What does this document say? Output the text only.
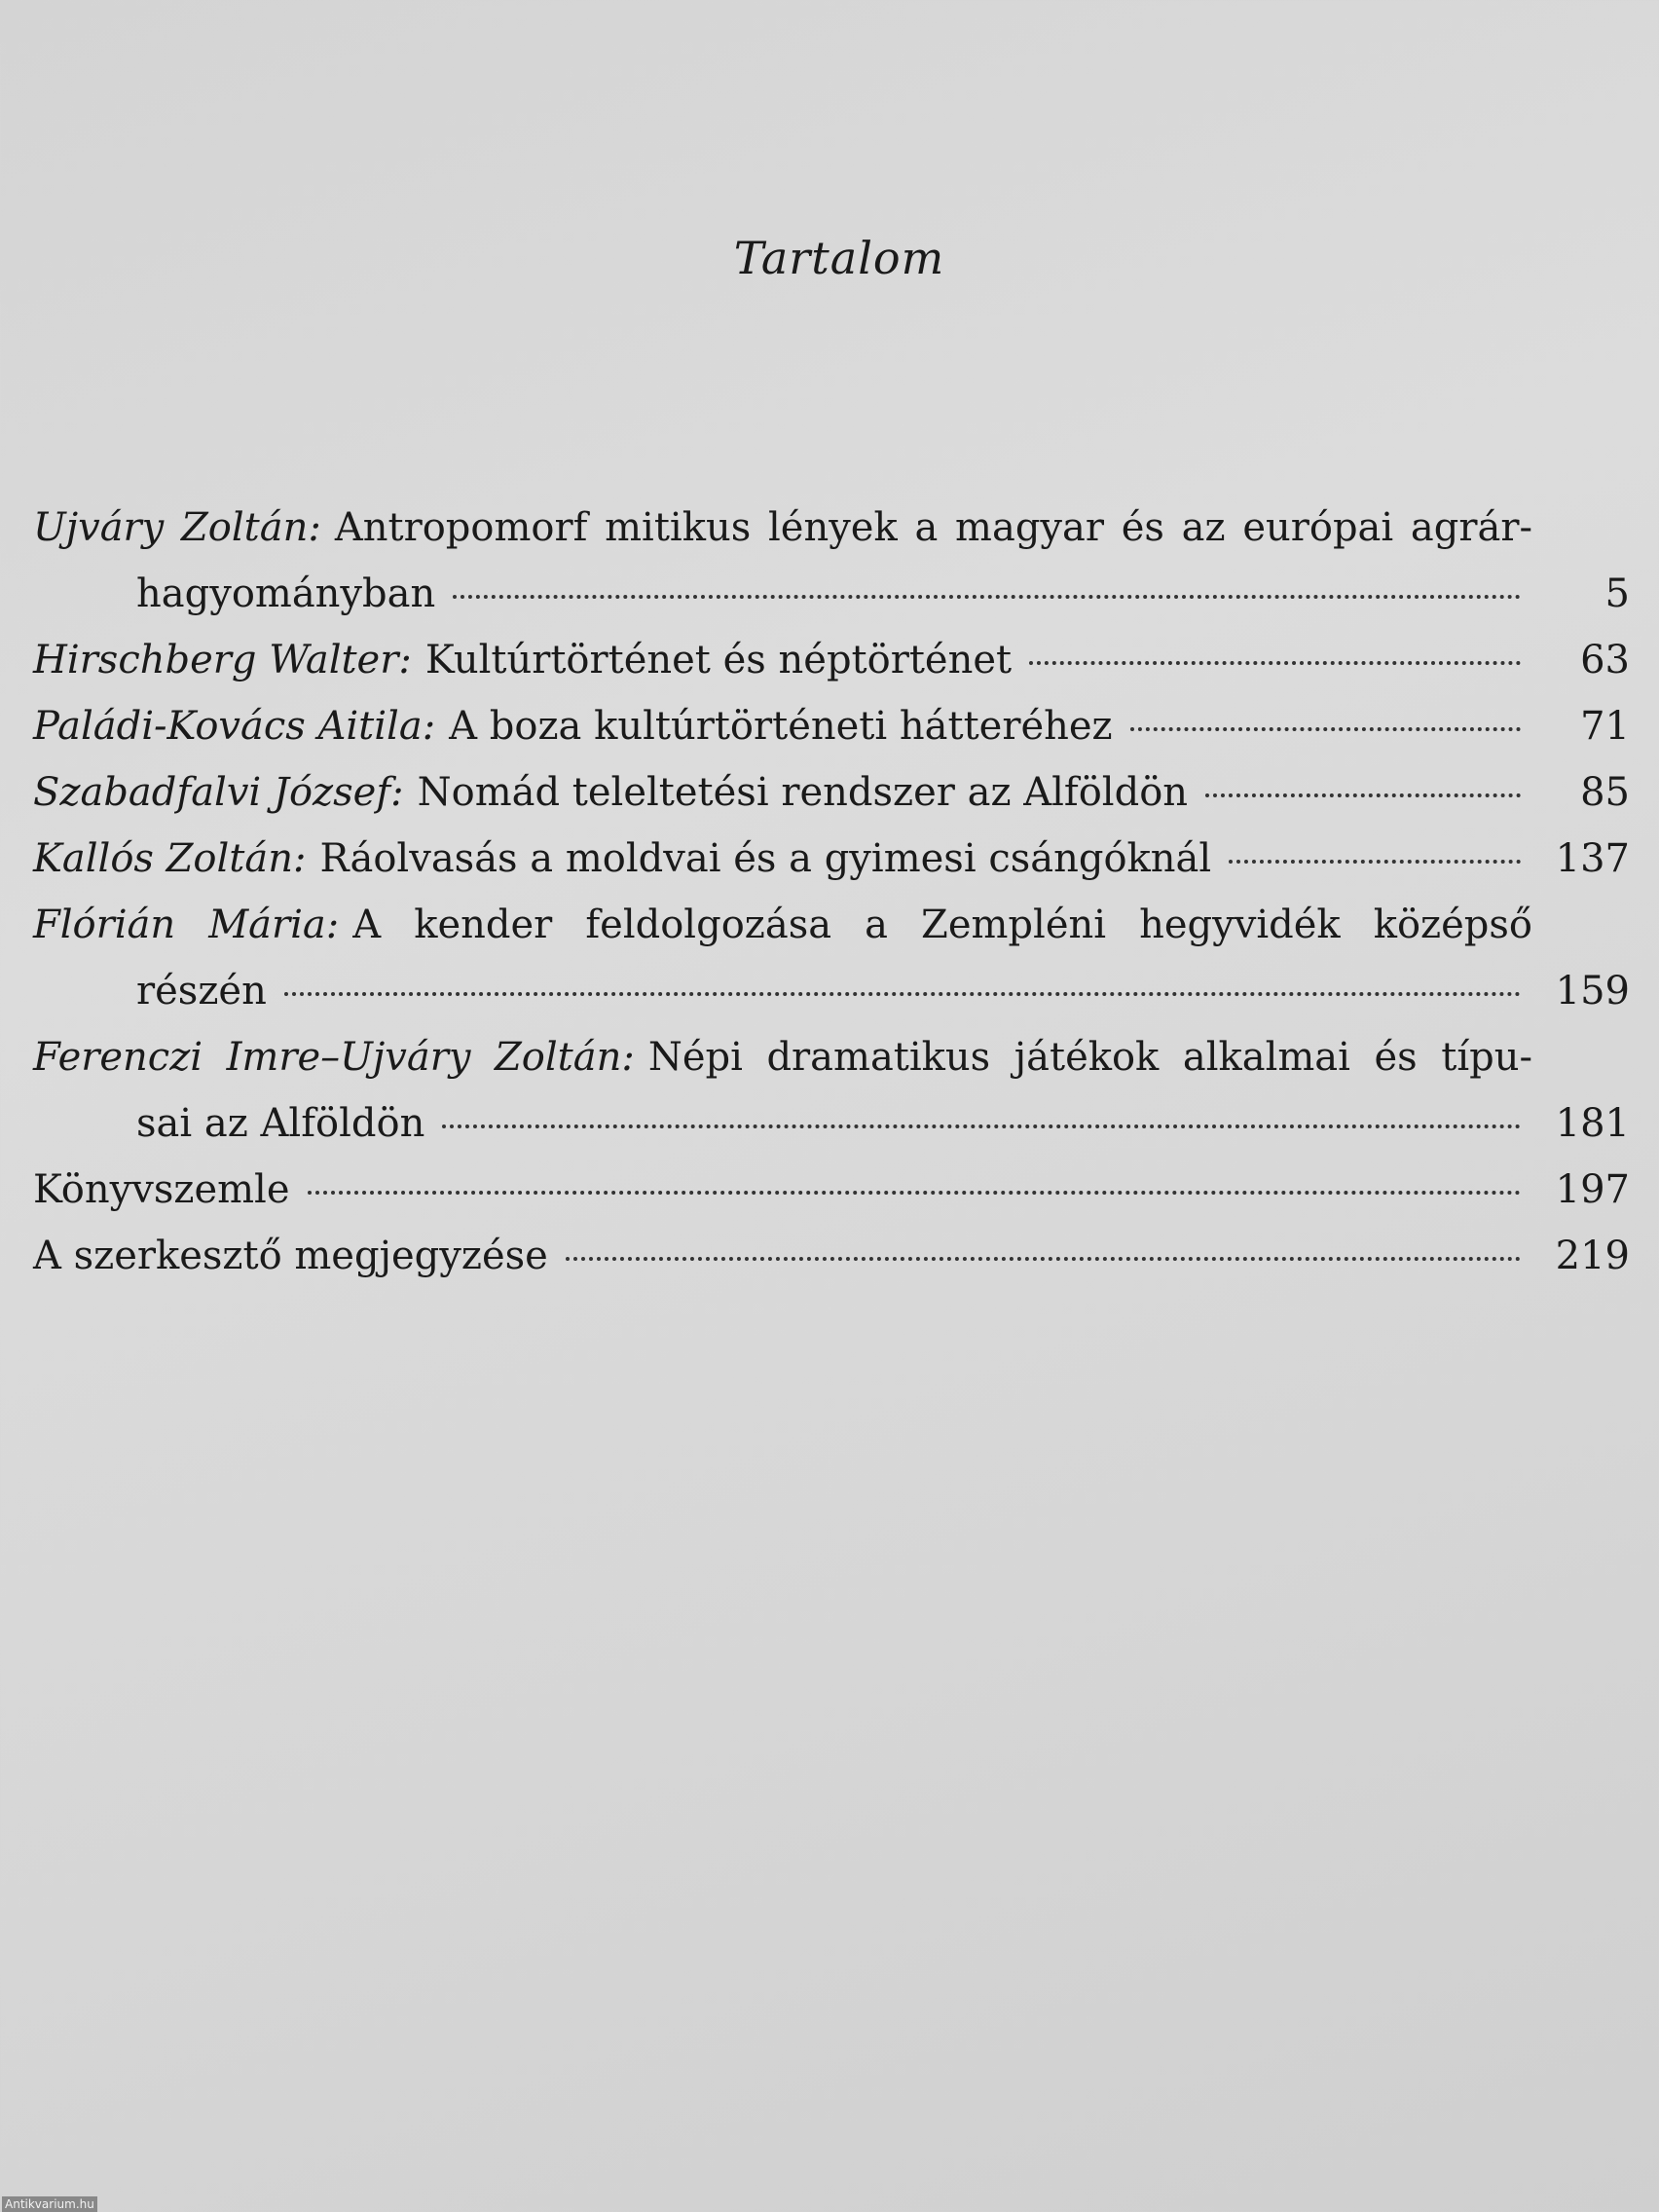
Tartalom
Ujváry Zoltán: Antropomorf mitikus lények a magyar és az európai agrár-
hagyományban	5
Hirschberg Walter: Kultúrtörténet és néptörténet	63
Paládi-Kovács Aitila: A boza kultúrtörténeti hátteréhez	71
Szabadfalvi József: Nomád teleltetési rendszer az Alföldön	85
Kallós Zoltán: Ráolvasás a moldvai és a gyimesi csángóknál	137
Flórián Mária: A kender feldolgozása a Zempléni hegyvidék középső
részén	159
Ferenczi Imre–Ujváry Zoltán: Népi dramatikus játékok alkalmai és típu-
sai az Alföldön	181
Könyvszemle	197
A szerkesztő megjegyzése	219
Antikvarium.hu
